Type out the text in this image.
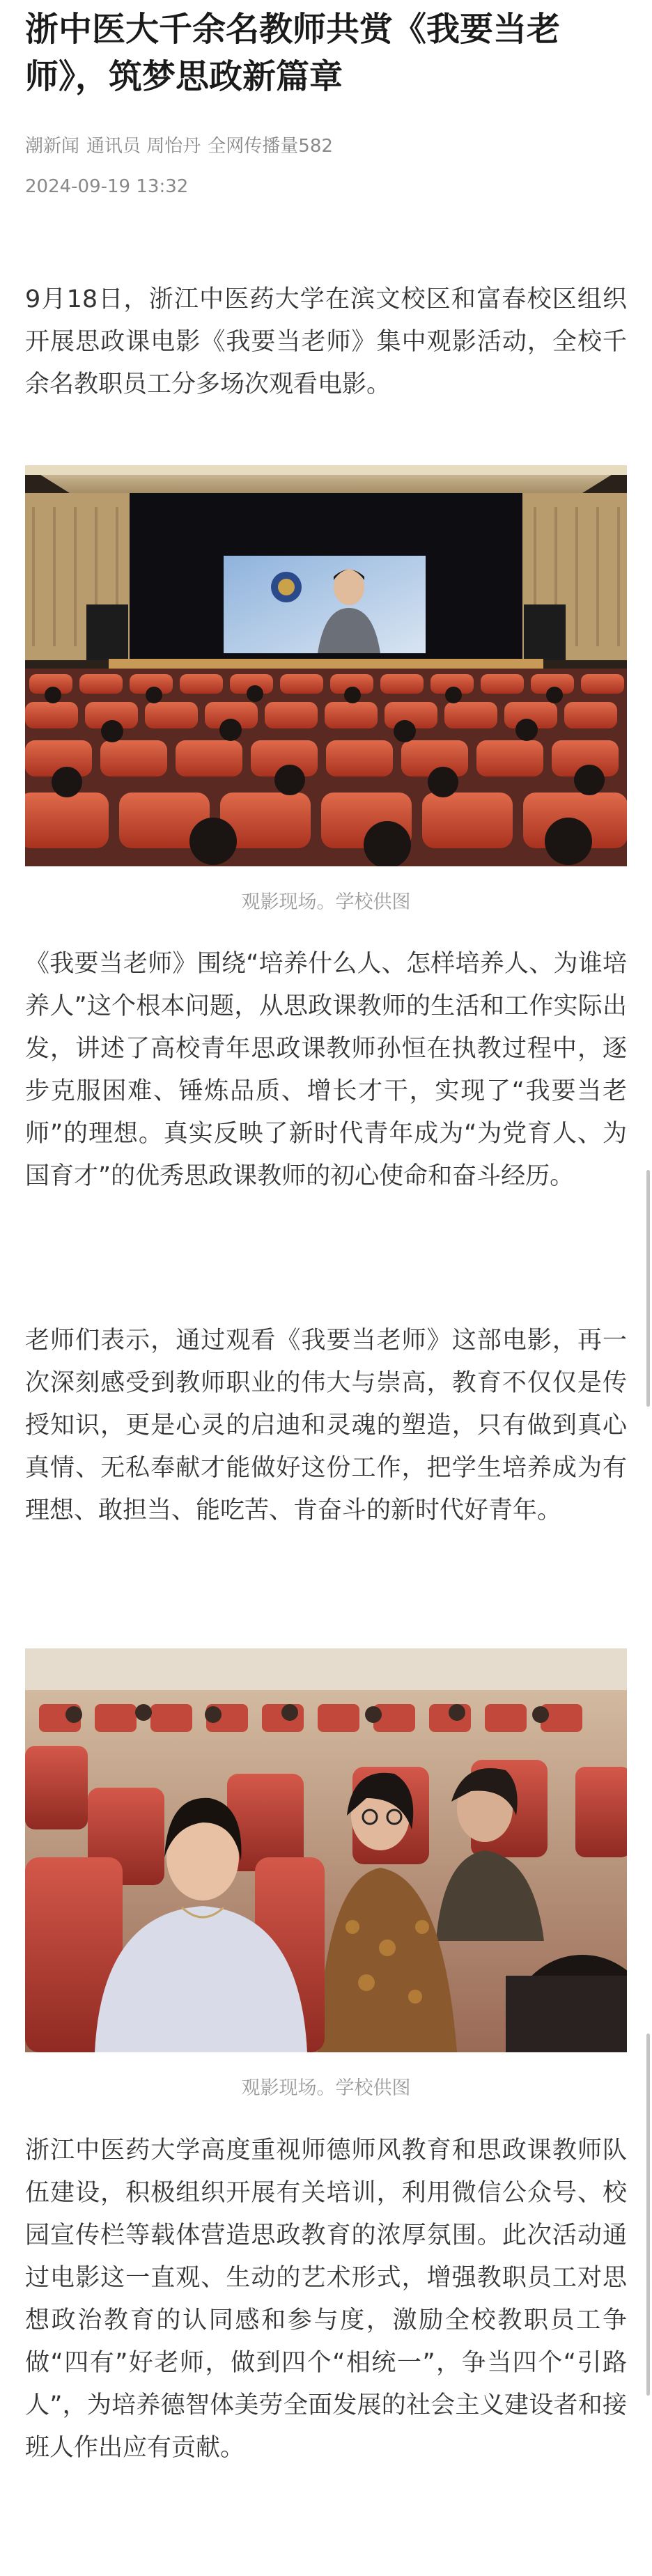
浙中医大千余名教师共赏《我要当老师》，筑梦思政新篇章
潮新闻 通讯员 周怡丹 全网传播量582
2024-09-19 13:32

9月18日，浙江中医药大学在滨文校区和富春校区组织开展思政课电影《我要当老师》集中观影活动，全校千余名教职员工分多场次观看电影。

观影现场。学校供图

《我要当老师》围绕“培养什么人、怎样培养人、为谁培养人”这个根本问题，从思政课教师的生活和工作实际出发，讲述了高校青年思政课教师孙恒在执教过程中，逐步克服困难、锤炼品质、增长才干，实现了“我要当老师”的理想。真实反映了新时代青年成为“为党育人、为国育才”的优秀思政课教师的初心使命和奋斗经历。

老师们表示，通过观看《我要当老师》这部电影，再一次深刻感受到教师职业的伟大与崇高，教育不仅仅是传授知识，更是心灵的启迪和灵魂的塑造，只有做到真心真情、无私奉献才能做好这份工作，把学生培养成为有理想、敢担当、能吃苦、肯奋斗的新时代好青年。

观影现场。学校供图

浙江中医药大学高度重视师德师风教育和思政课教师队伍建设，积极组织开展有关培训，利用微信公众号、校园宣传栏等载体营造思政教育的浓厚氛围。此次活动通过电影这一直观、生动的艺术形式，增强教职员工对思想政治教育的认同感和参与度，激励全校教职员工争做“四有”好老师，做到四个“相统一”，争当四个“引路人”，为培养德智体美劳全面发展的社会主义建设者和接班人作出应有贡献。
